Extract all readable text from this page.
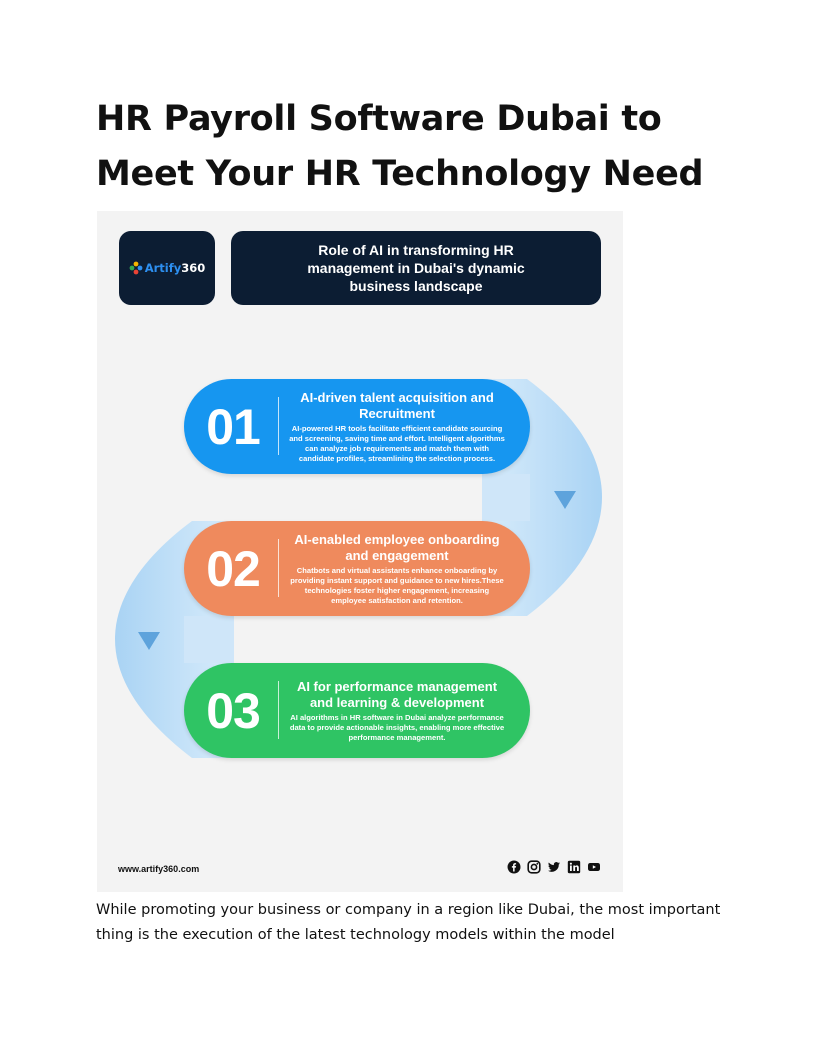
HR Payroll Software Dubai to Meet Your HR Technology Need
Artify360
Role of AI in transforming HR management in Dubai's dynamic business landscape
01
AI-driven talent acquisition and Recruitment
AI-powered HR tools facilitate efficient candidate sourcing and screening, saving time and effort. Intelligent algorithms can analyze job requirements and match them with candidate profiles, streamlining the selection process.
02
AI-enabled employee onboarding and engagement
Chatbots and virtual assistants enhance onboarding by providing instant support and guidance to new hires.These technologies foster higher engagement, increasing employee satisfaction and retention.
03	AI for performance management and learning & development
AI algorithms in HR software in Dubai analyze performance data to provide actionable insights, enabling more effective performance management.
www.artify360.com

While promoting your business or company in a region like Dubai, the most important thing is the execution of the latest technology models within the model
